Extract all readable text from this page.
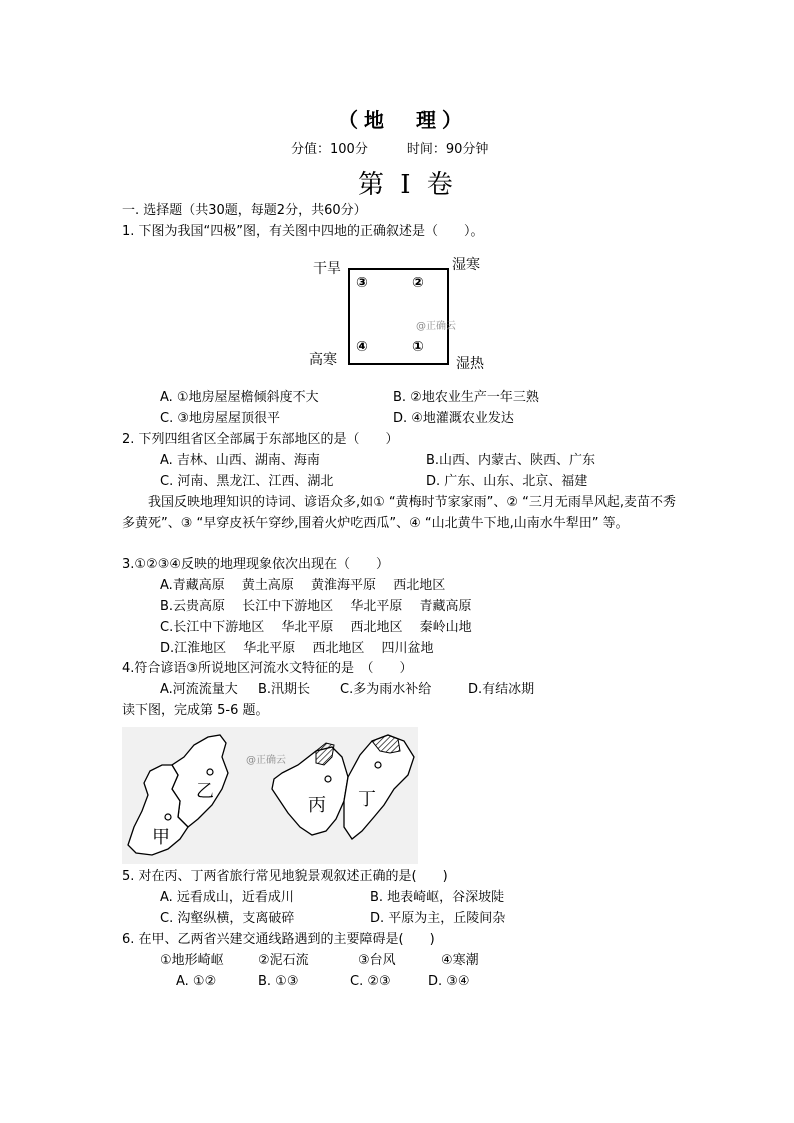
（地　理）
分值：100分　　　时间：90分钟
第 I 卷
一. 选择题（共30题，每题2分，共60分）
1. 下图为我国“四极”图，有关图中四地的正确叙述是（　　）。
干旱	湿寒
高寒	湿热
③	②
④	①
@正确云
A. ①地房屋屋檐倾斜度不大	B. ②地农业生产一年三熟
C. ③地房屋屋顶很平	D. ④地灌溉农业发达
2. 下列四组省区全部属于东部地区的是（　　）
A. 吉林、山西、湖南、海南	B.山西、内蒙古、陕西、广东
C. 河南、黑龙江、江西、湖北	D. 广东、山东、北京、福建
我国反映地理知识的诗词、谚语众多,如① “黄梅时节家家雨”、② “三月无雨旱风起,麦苗不秀多黄死”、③ “早穿皮袄午穿纱,围着火炉吃西瓜”、④ “山北黄牛下地,山南水牛犁田” 等。
3.①②③④反映的地理现象依次出现在（　　）
A.青藏高原　 黄土高原　 黄淮海平原　 西北地区
B.云贵高原　 长江中下游地区　 华北平原　 青藏高原
C.长江中下游地区　 华北平原　 西北地区　 秦岭山地
D.江淮地区　 华北平原　 西北地区　 四川盆地
4.符合谚语③所说地区河流水文特征的是　（　　）
A.河流流量大 B.汛期长 C.多为雨水补给	D.有结冰期
读下图，完成第 5-6 题。
乙
甲
丙 丁
@正确云
5. 对在丙、丁两省旅行常见地貌景观叙述正确的是(　　)
A. 远看成山，近看成川	B. 地表崎岖，谷深坡陡
C. 沟壑纵横，支离破碎	D. 平原为主，丘陵间杂
6. 在甲、乙两省兴建交通线路遇到的主要障碍是(　　)
①地形崎岖	②泥石流	③台风	④寒潮
A. ①②	B. ①③	C. ②③	D. ③④
